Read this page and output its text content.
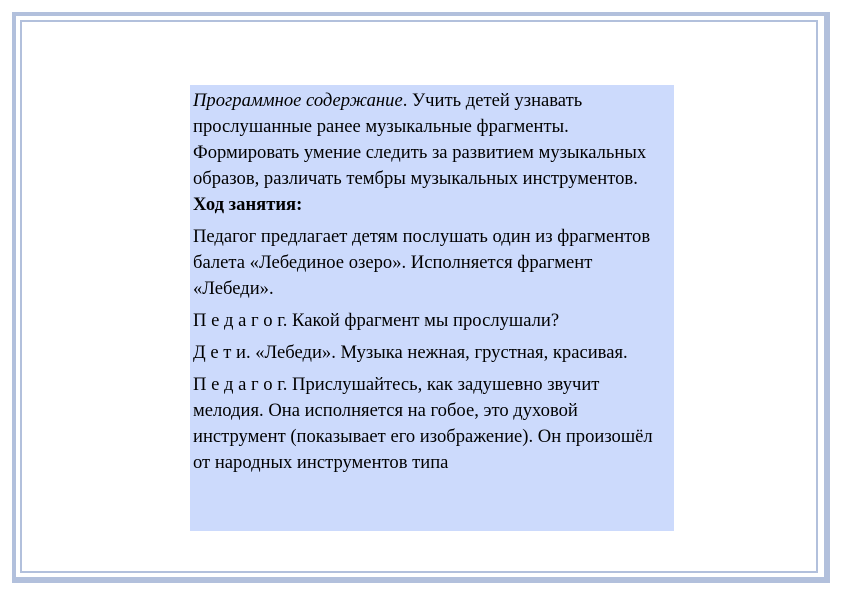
Программное содержание. Учить детей узнавать прослушанные ранее музыкальные фрагменты. Формировать умение следить за развитием музыкальных образов, различать тембры музыкальных инструментов.

Ход занятия:

Педагог предлагает детям послушать один из фрагментов балета «Лебединое озеро». Исполняется фрагмент «Лебеди».

П е д а г о г. Какой фрагмент мы прослушали?

Д е т и. «Лебеди». Музыка нежная, грустная, красивая.

П е д а г о г. Прислушайтесь, как задушевно звучит мелодия. Она исполняется на гобое, это духовой инструмент (показывает его изображение). Он произошёл от народных инструментов типа
